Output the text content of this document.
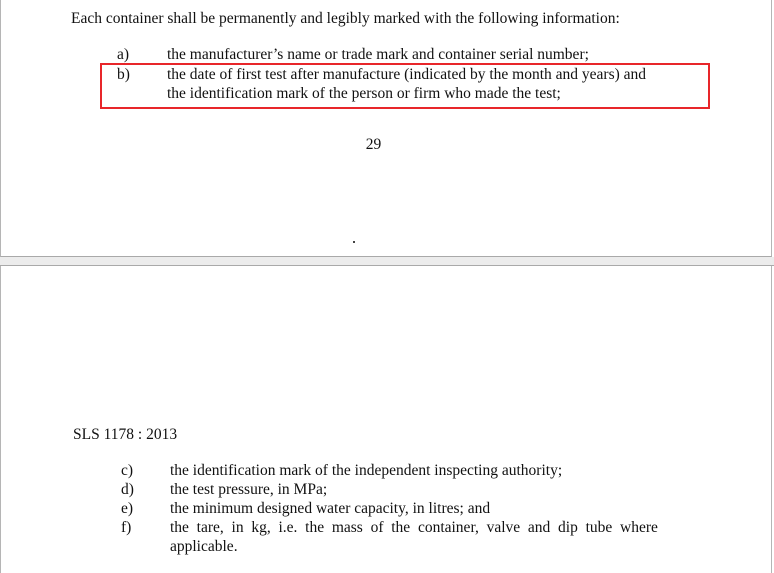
Each container shall be permanently and legibly marked with the following information:
a)	the manufacturer’s name or trade mark and container serial number;
b)	the date of first test after manufacture (indicated by the month and years) and
the identification mark of the person or firm who made the test;
29
SLS 1178 : 2013
c)	the identification mark of the independent inspecting authority;
d)	the test pressure, in MPa;
e)	the minimum designed water capacity, in litres; and
f)	the  tare,  in  kg,  i.e.  the  mass  of  the  container,  valve  and  dip  tube  where
applicable.
